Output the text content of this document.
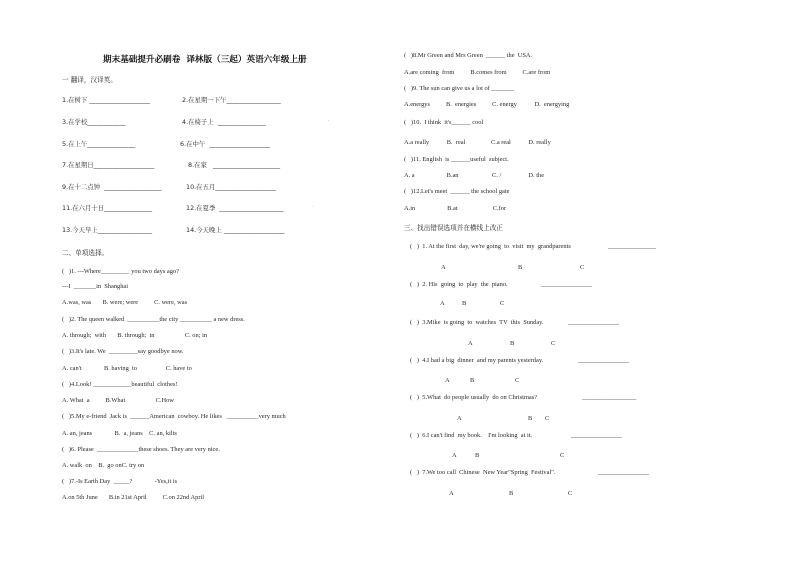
期末基础提升必刷卷  译林版（三起）英语六年级上册
一 翻译，汉译英。
1.在树下 ___________________	2.在星期一下午_________________
3.在学校____________	4.在椅子上  _______________
5.在上午_______________	6.在中午  ___________________
7.在星期日___________________	8.在家   _____________________
9.在十二点钟  __________________	10.在五月___________________
11.在六月十日_______________	12.在夏季  ____________________
13.今天早上_________________	14.今天晚上 ___________________
二、单项选择。
(   )1. ---Where_________ you two days ago?
---I  _______in  Shanghai
A.was, was       B. were; were          C. were, was
(   )2. The queen walked  __________the city __________ a new dress.
A. through;  with       B. through;  in                   C. on; in
(   )3.It's late. We  _________say goodbye now.
A. can't              B. having  to                  C. have to
(   )4.Look! ____________beautiful  clothes!
A. What  a          B.What                   C.How
(   )5.My e-friend  Jack is  ______American  cowboy. He likes   __________very much
A. an, jeans              B.  a, jeans    C. an, kilts
(   )6. Please  _____________these shoes. They are very nice.
A. walk  on    B.  go onC. try on
(   )7.-Is Earth Day  _____?              -Yes,it is
A.on 5th June       B.in 21st April          C.on 22nd April
(   )8.Mr Green and Mrs Green  ______ the  USA.
A.are coming  from          B.comes from          C.are from
(   )9. The sun can give us a lot of _______
A.energys          B.  energies          C. energy           D.  energying
(   )10.  I think  it's______ cool
A.a really           B.  real                C.a real           D. really
(   )11. English  is ______useful  subject.
A. a                    B.an                     C. /                 D. the
(   )12.Let's meet  ______ the school gate
A.in                    B.at                      C.for
三、找出错误选项并在横线上改正
(   )  1. At the first  day, we're going  to  visit  my  grandparents	_______________
A	B	C
(   )  2. His  going  to  play  the  piano.	________________
A	B	C
(   )  3.Mike  is going  to  watches  TV  this  Sunday.	________________
A	B	C
(   )  4.I had a big  dinner  and my parents yesterday.	________________
A	B	C
(   )  5.What  do people usually  do on Christmas?	_________________
A	B C
(   )  6.I can't find  my book.    I'm looking  at it.	________________
A	B	C
(   )  7.We too call  Chinese  New Year"Spring  Festival".	________________
A	B	C
.
.
